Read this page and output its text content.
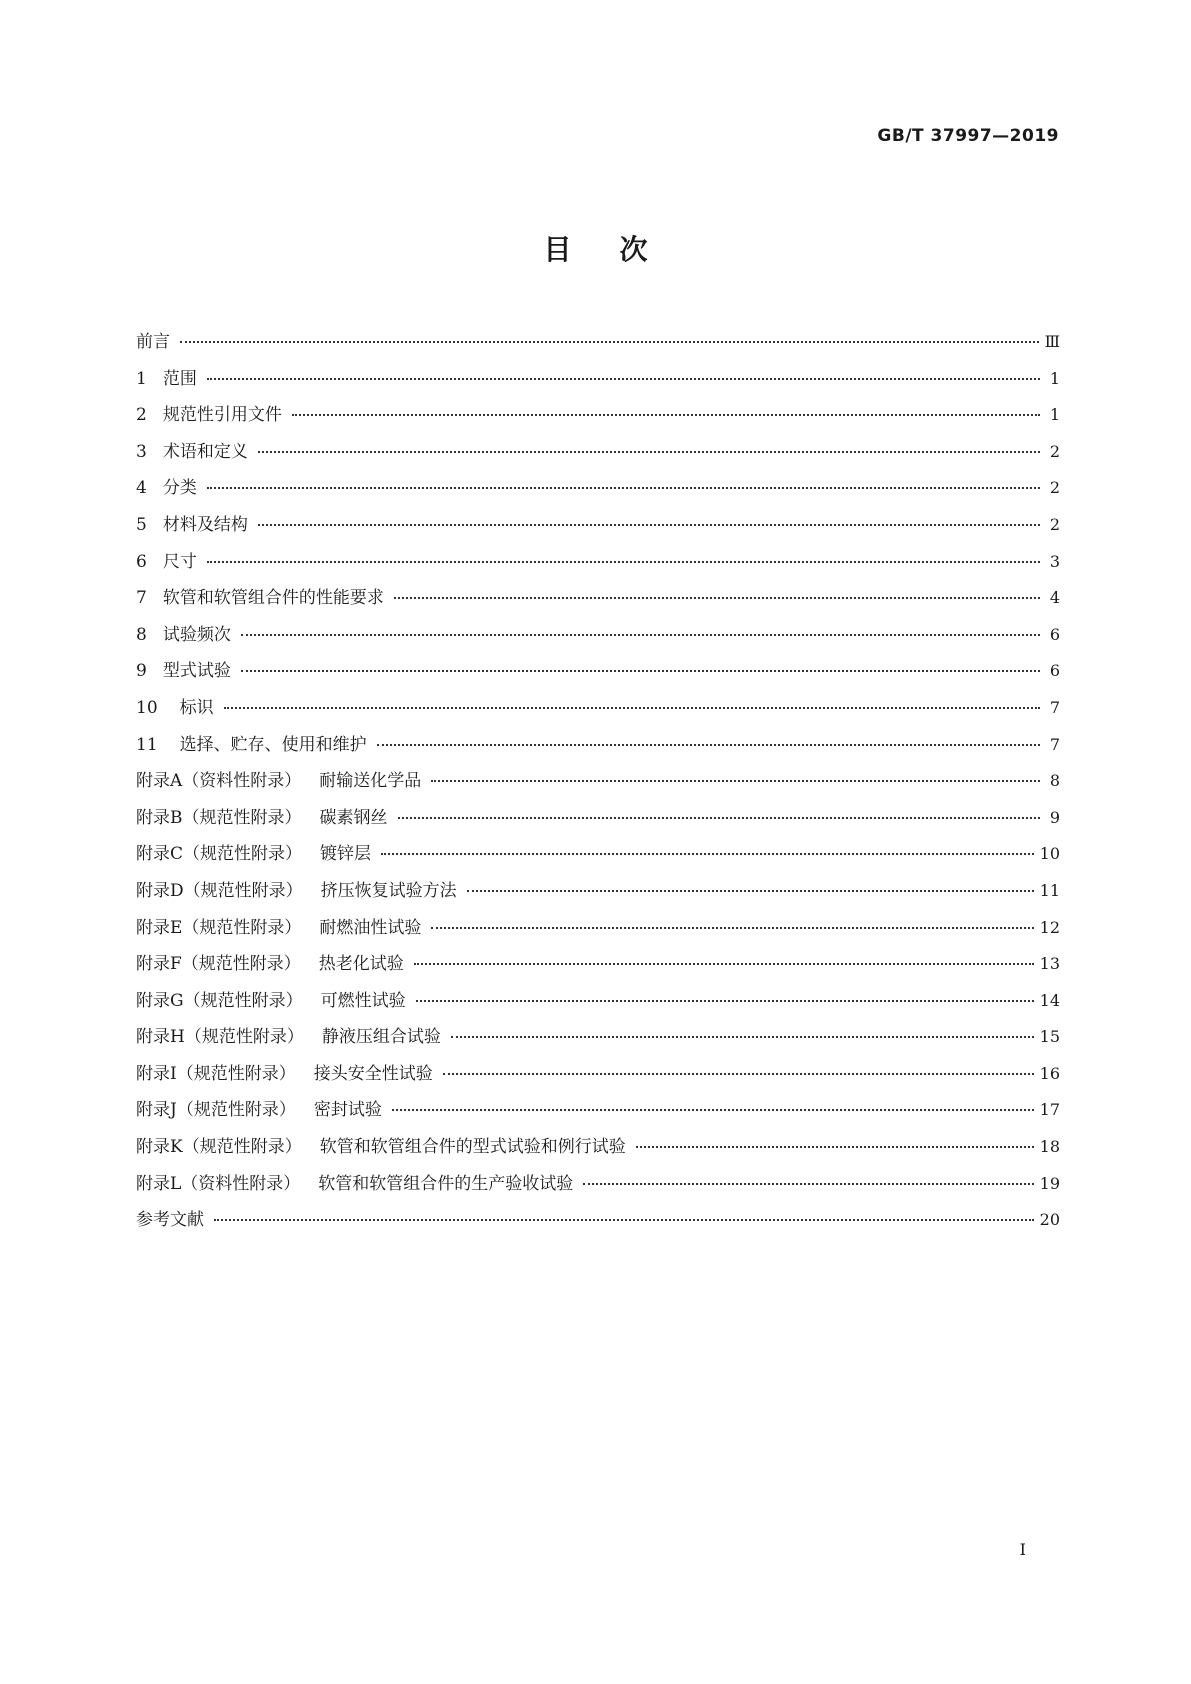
GB/T 37997—2019
目次
前言	Ⅲ
1 范围	1
2 规范性引用文件	1
3 术语和定义	2
4 分类	2
5 材料及结构	2
6 尺寸	3
7 软管和软管组合件的性能要求	4
8 试验频次	6
9 型式试验	6
10 标识	7
11 选择、贮存、使用和维护	7
附录A（资料性附录） 耐输送化学品	8
附录B（规范性附录） 碳素钢丝	9
附录C（规范性附录） 镀锌层	10
附录D（规范性附录） 挤压恢复试验方法	11
附录E（规范性附录） 耐燃油性试验	12
附录F（规范性附录） 热老化试验	13
附录G（规范性附录） 可燃性试验	14
附录H（规范性附录） 静液压组合试验	15
附录I（规范性附录） 接头安全性试验	16
附录J（规范性附录） 密封试验	17
附录K（规范性附录） 软管和软管组合件的型式试验和例行试验	18
附录L（资料性附录） 软管和软管组合件的生产验收试验	19
参考文献	20
I
